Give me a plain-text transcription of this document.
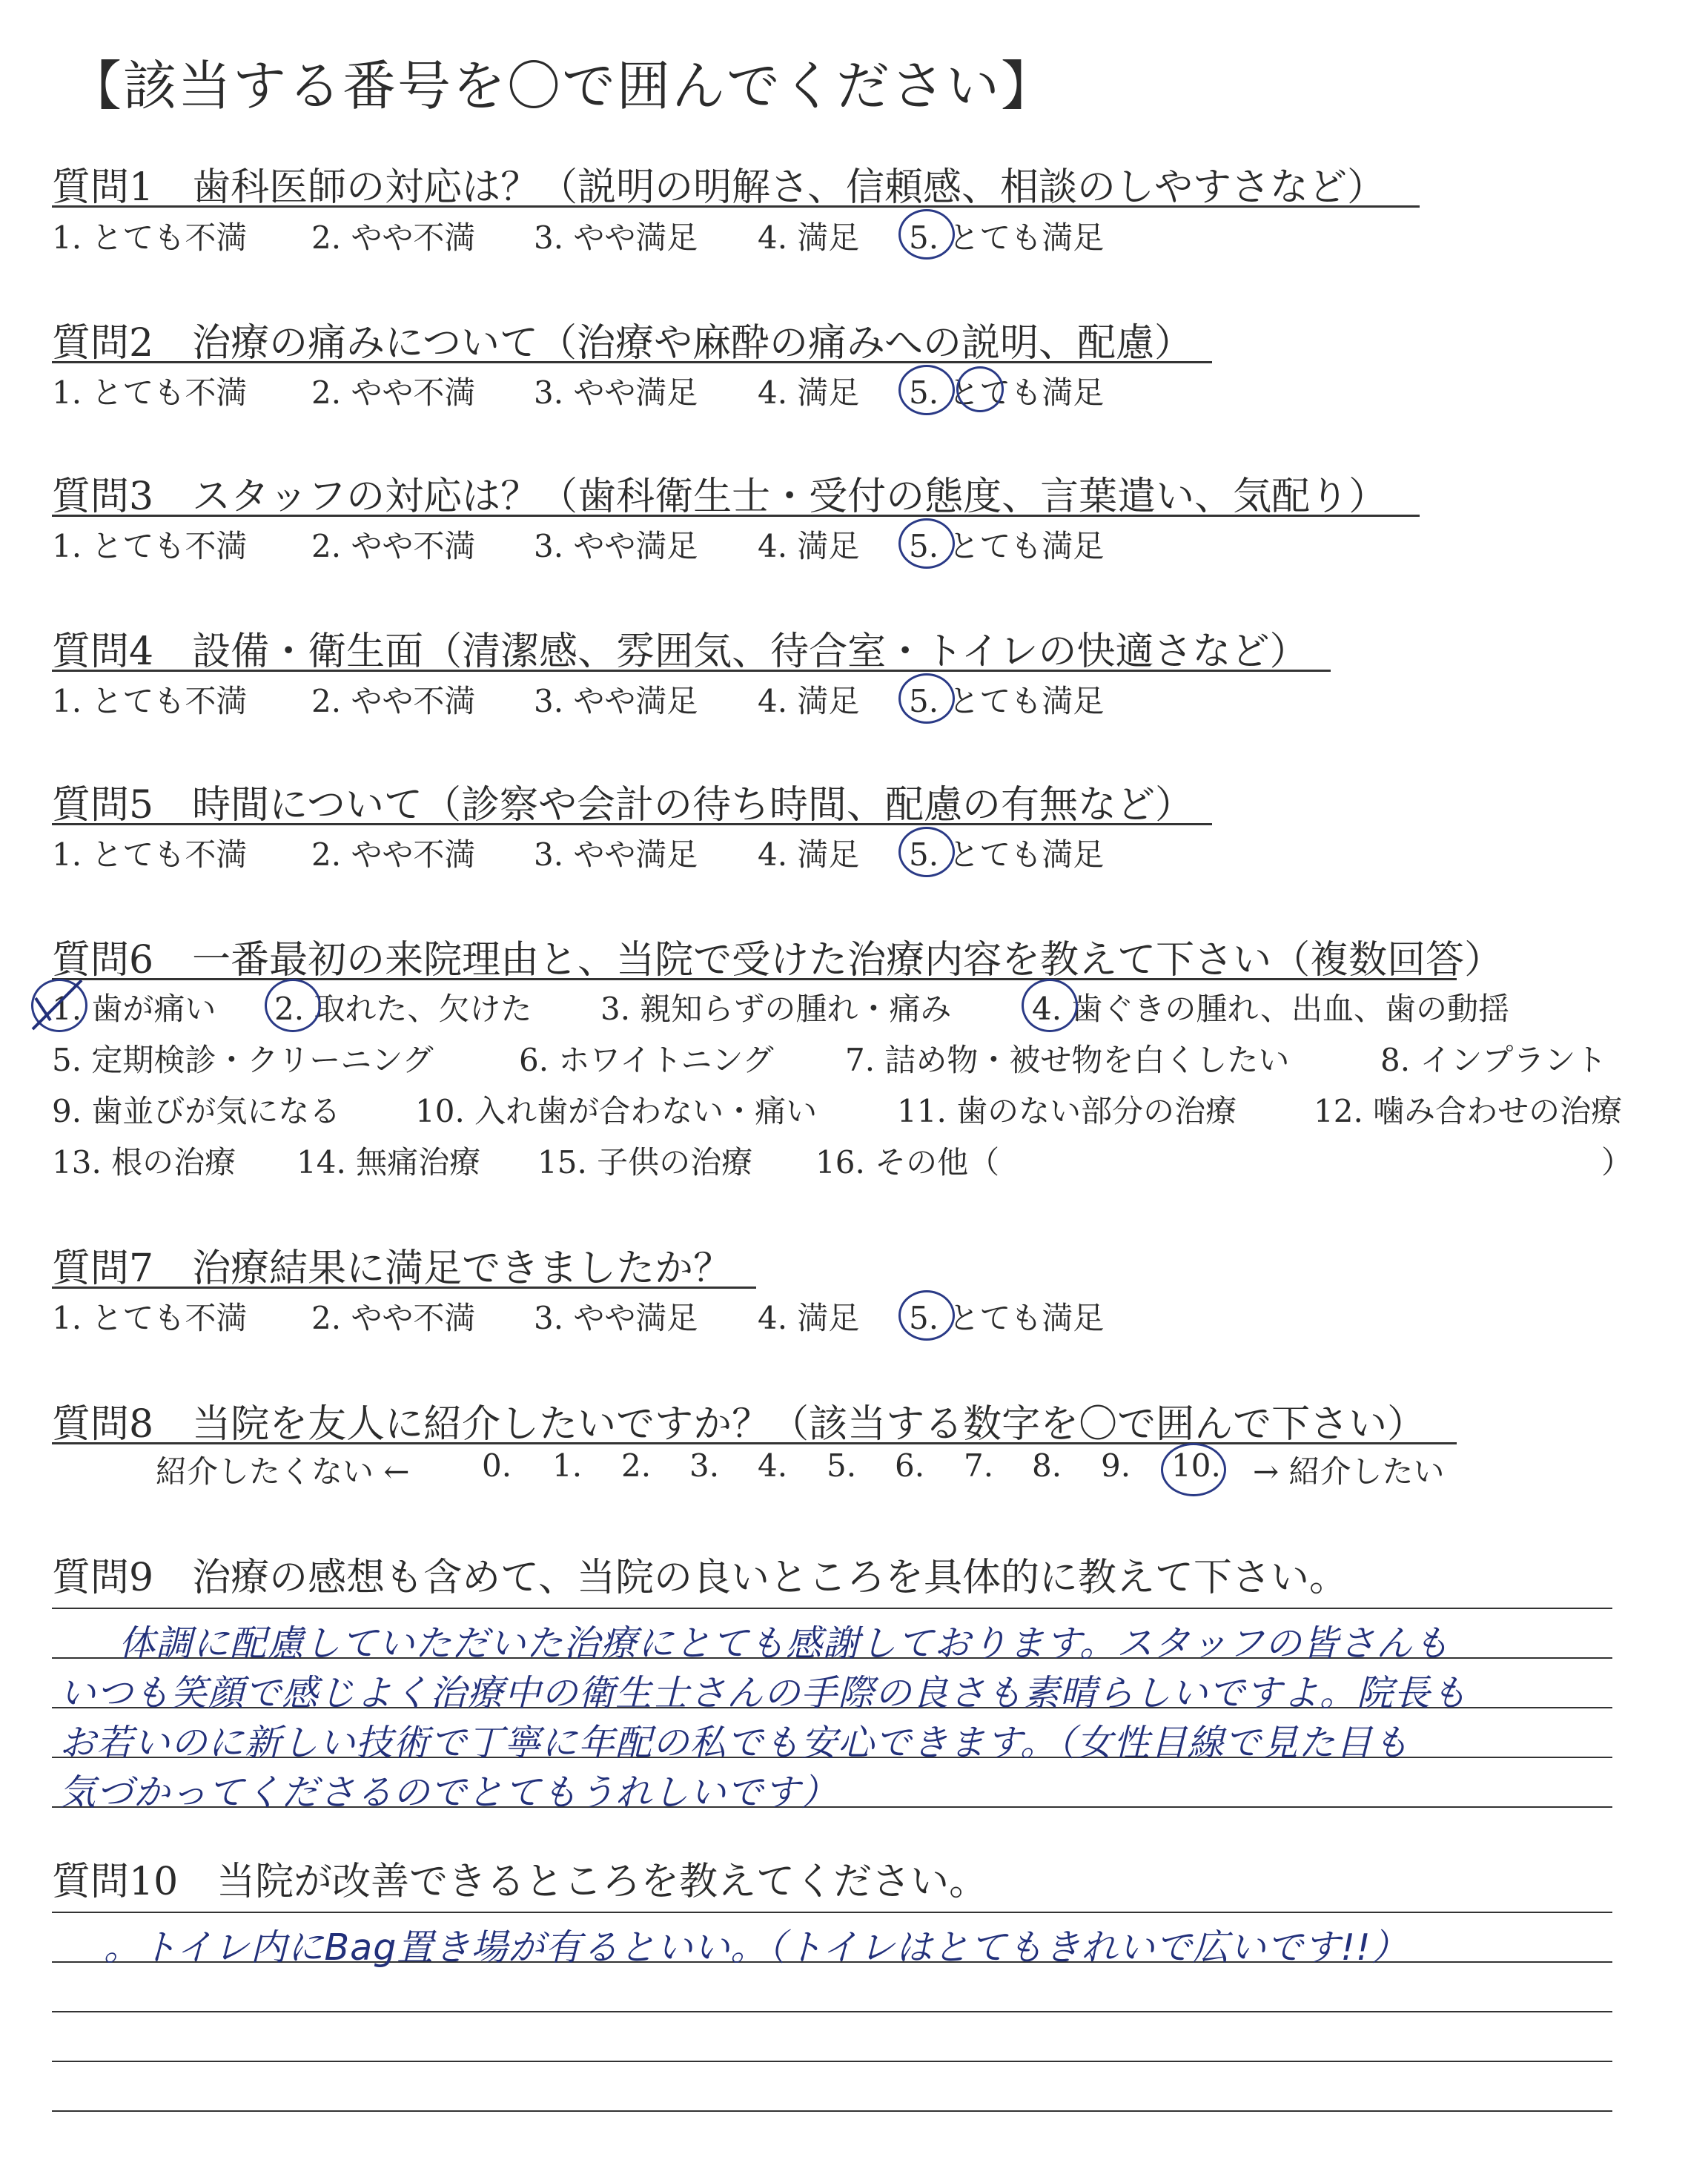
【該当する番号を〇で囲んでください】
質問1　歯科医師の対応は？（説明の明解さ、信頼感、相談のしやすさなど）
1. とても不満 2. やや不満 3. やや満足 4. 満足 5. とても満足
質問2　治療の痛みについて（治療や麻酔の痛みへの説明、配慮）
1. とても不満 2. やや不満 3. やや満足 4. 満足 5. とても満足
質問3　スタッフの対応は？（歯科衛生士・受付の態度、言葉遣い、気配り）
1. とても不満 2. やや不満 3. やや満足 4. 満足 5. とても満足
質問4　設備・衛生面（清潔感、雰囲気、待合室・トイレの快適さなど）
1. とても不満 2. やや不満 3. やや満足 4. 満足 5. とても満足
質問5　時間について（診察や会計の待ち時間、配慮の有無など）
1. とても不満 2. やや不満 3. やや満足 4. 満足 5. とても満足
質問6　一番最初の来院理由と、当院で受けた治療内容を教えて下さい（複数回答）
1. 歯が痛い 2. 取れた、欠けた 3. 親知らずの腫れ・痛み	4. 歯ぐきの腫れ、出血、歯の動揺
5. 定期検診・クリーニング	6. ホワイトニング 7. 詰め物・被せ物を白くしたい	8. インプラント
9. 歯並びが気になる 10. 入れ歯が合わない・痛い	11. 歯のない部分の治療 12. 噛み合わせの治療
13. 根の治療 14. 無痛治療 15. 子供の治療 16. その他（	）
質問7　治療結果に満足できましたか？
1. とても不満 2. やや不満 3. やや満足 4. 満足 5. とても満足
質問8　当院を友人に紹介したいですか？（該当する数字を〇で囲んで下さい）
紹介したくない ← 0. 1. 2. 3. 4. 5. 6. 7. 8. 9. 10. → 紹介したい
質問9　治療の感想も含めて、当院の良いところを具体的に教えて下さい。
体調に配慮していただいた治療にとても感謝しております。スタッフの皆さんも
いつも笑顔で感じよく治療中の衛生士さんの手際の良さも素晴らしいですよ。院長も
お若いのに新しい技術で丁寧に年配の私でも安心できます。（女性目線で見た目も
気づかってくださるのでとてもうれしいです）
質問10　当院が改善できるところを教えてください。
。トイレ内にBag置き場が有るといい。（トイレはとてもきれいで広いです!!）
